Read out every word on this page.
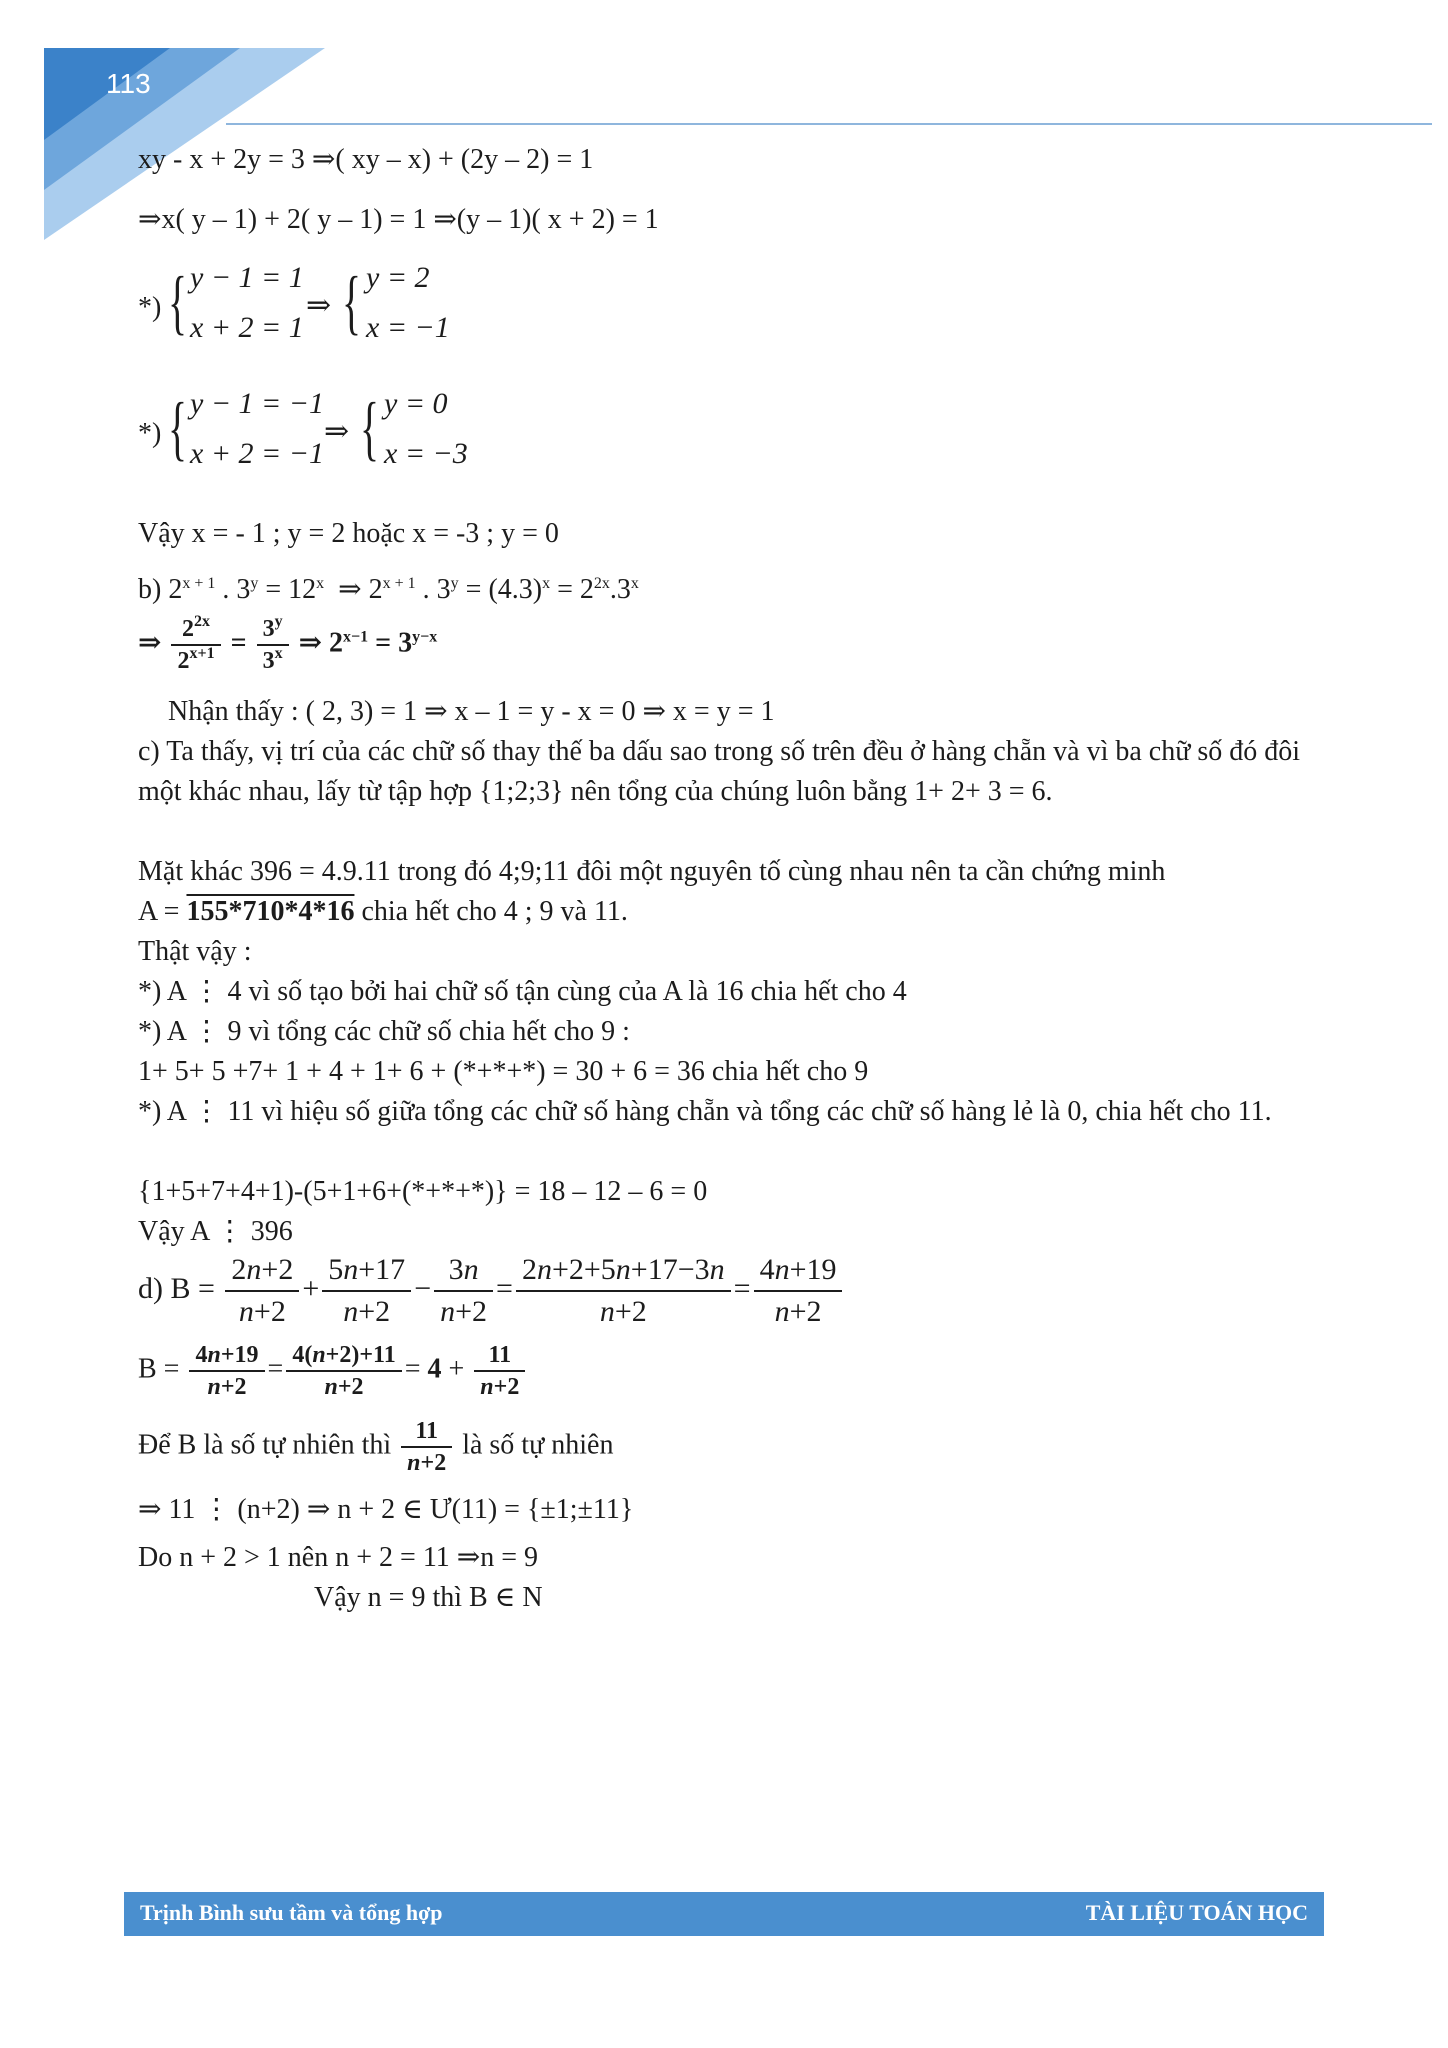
113
xy - x + 2y = 3 ⇒( xy – x) + (2y – 2) = 1
⇒x( y – 1) + 2( y – 1) = 1 ⇒(y – 1)( x + 2) = 1
*) { y − 1 = 1
x + 2 = 1
⇒ { y = 2
x = −1
*) { y − 1 = −1
x + 2 = −1
⇒ { y = 0
x = −3
Vậy x = - 1 ; y = 2 hoặc x = -3 ; y = 0
b) $2^{x + 1}$ . $3^y = 12^x$  ⇒ $2^{x + 1}$ . $3^y = (4.3)^x = 2^{2x}.3^x$
⇒ $\frac{2^{2x}}{2^{x+1}} = \frac{3^y}{3^x}$ ⇒ $2^{x-1} = 3^{y-x}$
Nhận thấy : ( 2, 3) = 1 ⇒ x – 1 = y - x = 0 ⇒ x = y = 1
c) Ta thấy, vị trí của các chữ số thay thế ba dấu sao trong số trên đều ở hàng chẵn và vì ba chữ số đó đôi một khác nhau, lấy từ tập hợp {1;2;3} nên tổng của chúng luôn bằng 1+ 2+ 3 = 6.
Mặt khác 396 = 4.9.11 trong đó 4;9;11 đôi một nguyên tố cùng nhau nên ta cần chứng minh
A = 155*710*4*16 chia hết cho 4 ; 9 và 11.
Thật vậy :
*) A ⋮ 4 vì số tạo bởi hai chữ số tận cùng của A là 16 chia hết cho 4
*) A ⋮ 9 vì tổng các chữ số chia hết cho 9 :
1+ 5+ 5 +7+ 1 + 4 + 1+ 6 + (*+*+*) = 30 + 6 = 36 chia hết cho 9
*) A ⋮ 11 vì hiệu số giữa tổng các chữ số hàng chẵn và tổng các chữ số hàng lẻ là 0, chia hết cho 11.
{1+5+7+4+1)-(5+1+6+(*+*+*)} = 18 – 12 – 6 = 0
Vậy A ⋮ 396
d) $B = \frac{2n+2}{n+2} + \frac{5n+17}{n+2} - \frac{3n}{n+2} = \frac{2n+2+5n+17-3n}{n+2} = \frac{4n+19}{n+2}$
$B = \frac{4n+19}{n+2} = \frac{4(n+2)+11}{n+2} = 4 + \frac{11}{n+2}$
Để B là số tự nhiên thì $\frac{11}{n+2}$ là số tự nhiên
⇒ 11 ⋮ (n+2) ⇒ n + 2 ∈ Ư(11) = {±1;±11}
Do n + 2 > 1 nên n + 2 = 11 ⇒n = 9
Vậy n = 9 thì B ∈ N
Trịnh Bình sưu tầm và tổng hợp	TÀI LIỆU TOÁN HỌC
